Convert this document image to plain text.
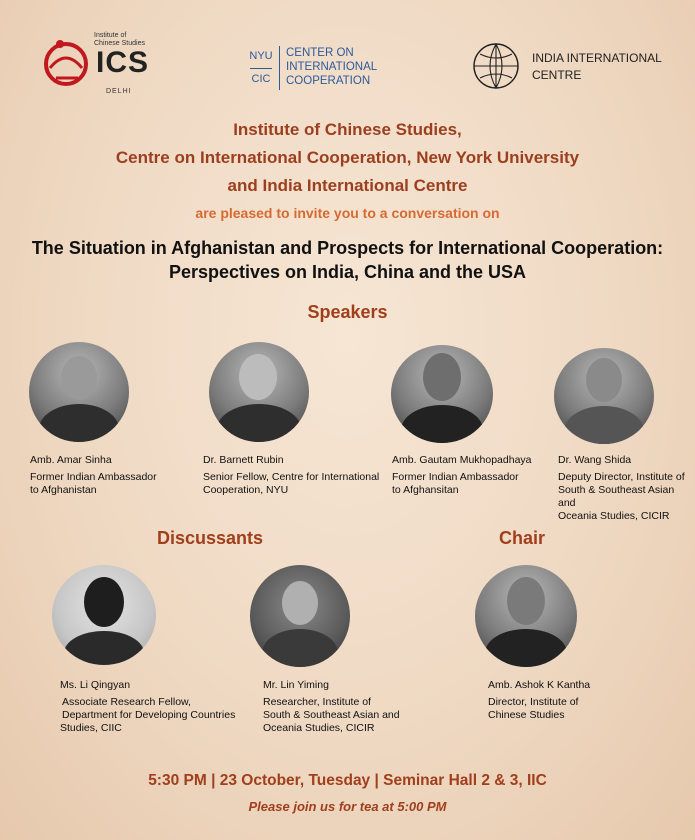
Institute of
Chinese Studies
ICS
DELHI
NYU
CIC
CENTER ON
INTERNATIONAL
COOPERATION
INDIA INTERNATIONAL
CENTRE
Institute of Chinese Studies,
Centre on International Cooperation, New York University
and India International Centre
are pleased to invite you to a conversation on
The Situation in Afghanistan and Prospects for International Cooperation:
Perspectives on India, China and the USA
Speakers
Amb. Amar Sinha
Former Indian Ambassador
to Afghanistan
Dr. Barnett Rubin
Senior Fellow, Centre for International
Cooperation, NYU
Amb. Gautam Mukhopadhaya
Former Indian Ambassador
to Afghansitan
Dr. Wang Shida
Deputy Director, Institute of
South & Southeast Asian and
Oceania Studies, CICIR
Discussants	Chair
Ms. Li Qingyan
Associate Research Fellow,
Department for Developing Countries
Studies, CIIC
Mr. Lin Yiming
Researcher, Institute of
South & Southeast Asian and
Oceania Studies, CICIR
Amb. Ashok K Kantha
Director, Institute of
Chinese Studies
5:30 PM | 23 October, Tuesday | Seminar Hall 2 & 3, IIC
Please join us for tea at 5:00 PM
